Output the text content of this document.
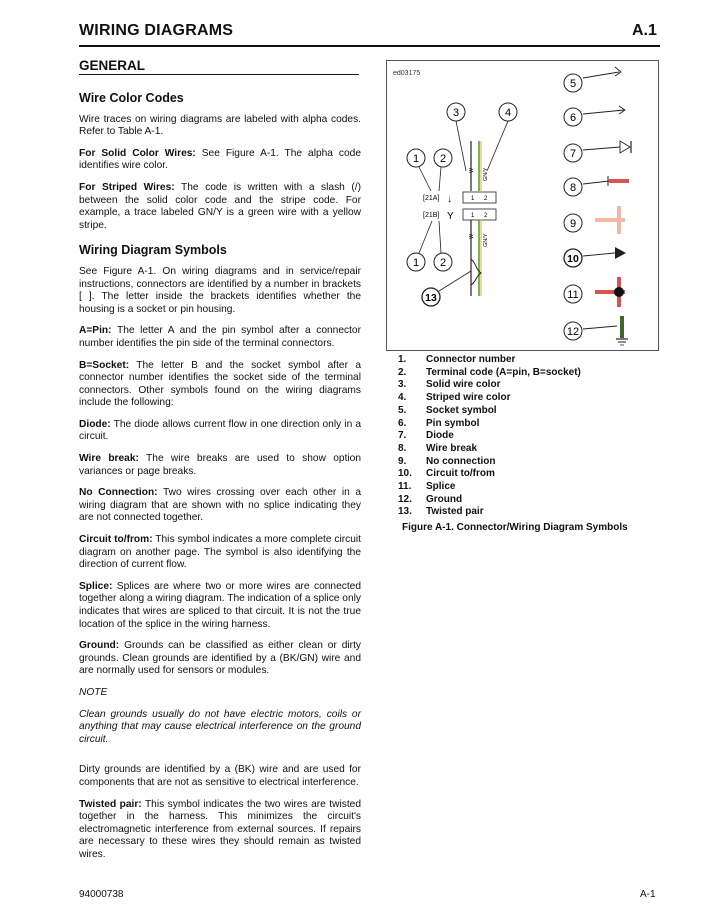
WIRING DIAGRAMS	A.1
GENERAL
Wire Color Codes

Wire traces on wiring diagrams are labeled with alpha codes. Refer to Table A-1.

For Solid Color Wires: See Figure A-1. The alpha code identifies wire color.

For Striped Wires: The code is written with a slash (/) between the solid color code and the stripe code. For example, a trace labeled GN/Y is a green wire with a yellow stripe.

Wiring Diagram Symbols

See Figure A-1. On wiring diagrams and in service/repair instructions, connectors are identified by a number in brackets [ ]. The letter inside the brackets identifies whether the housing is a socket or pin housing.

A=Pin: The letter A and the pin symbol after a connector number identifies the pin side of the terminal connectors.

B=Socket: The letter B and the socket symbol after a connector number identifies the socket side of the terminal connectors. Other symbols found on the wiring diagrams include the following:

Diode: The diode allows current flow in one direction only in a circuit.

Wire break: The wire breaks are used to show option variances or page breaks.

No Connection: Two wires crossing over each other in a wiring diagram that are shown with no splice indicating they are not connected together.

Circuit to/from: This symbol indicates a more complete circuit diagram on another page. The symbol is also identifying the direction of current flow.

Splice: Splices are where two or more wires are connected together along a wiring diagram. The indication of a splice only indicates that wires are spliced to that circuit. It is not the true location of the splice in the wiring harness.

Ground: Grounds can be classified as either clean or dirty grounds. Clean grounds are identified by a (BK/GN) wire and are normally used for sensors or modules.

NOTE

Clean grounds usually do not have electric motors, coils or anything that may cause electrical interference on the ground circuit.

Dirty grounds are identified by a (BK) wire and are used for components that are not as sensitive to electrical interference.

Twisted pair: This symbol indicates the two wires are twisted together in the harness. This minimizes the circuit's electromagnetic interference from external sources. If repairs are necessary to these wires they should remain as twisted wires.

ed03175
3	4
1 2
W GN/Y
[21A] ↓	1 2
[21B] Y	1 2
W GN/Y
1 2
13
5
6
7
8
9
10
11
12
1.	Connector number
2.	Terminal code (A=pin, B=socket)
3.	Solid wire color
4.	Striped wire color
5.	Socket symbol
6.	Pin symbol
7.	Diode
8.	Wire break
9.	No connection
10.	Circuit to/from
11.	Splice
12.	Ground
13.	Twisted pair
Figure A-1. Connector/Wiring Diagram Symbols
94000738	A-1
